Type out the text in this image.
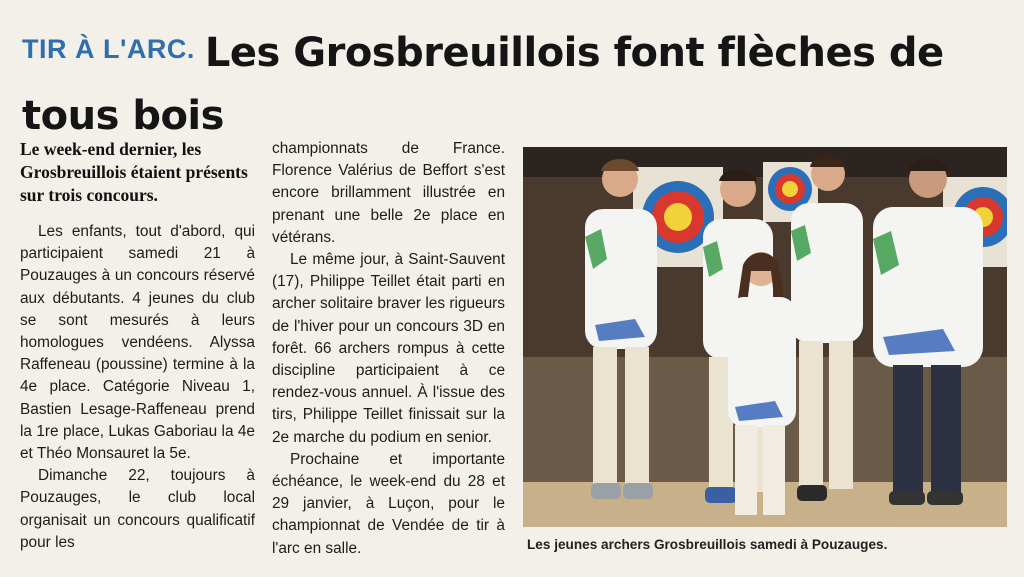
TIR À L'ARC. Les Grosbreuillois font flèches de tous bois
Le week-end dernier, les Grosbreuillois étaient présents sur trois concours.

Les enfants, tout d'abord, qui participaient samedi 21 à Pouzauges à un concours réservé aux débutants. 4 jeunes du club se sont mesurés à leurs homologues vendéens. Alyssa Raffeneau (poussine) termine à la 4e place. Catégorie Niveau 1, Bastien Lesage-Raffeneau prend la 1re place, Lukas Gaboriau la 4e et Théo Monsauret la 5e.

Dimanche 22, toujours à Pouzauges, le club local organisait un concours qualificatif pour les

championnats de France. Florence Valérius de Beffort s'est encore brillamment illustrée en prenant une belle 2e place en vétérans.

Le même jour, à Saint-Sauvent (17), Philippe Teillet était parti en archer solitaire braver les rigueurs de l'hiver pour un concours 3D en forêt. 66 archers rompus à cette discipline participaient à ce rendez-vous annuel. À l'issue des tirs, Philippe Teillet finissait sur la 2e marche du podium en senior.

Prochaine et importante échéance, le week-end du 28 et 29 janvier, à Luçon, pour le championnat de Vendée de tir à l'arc en salle.	Les jeunes archers Grosbreuillois samedi à Pouzauges.
